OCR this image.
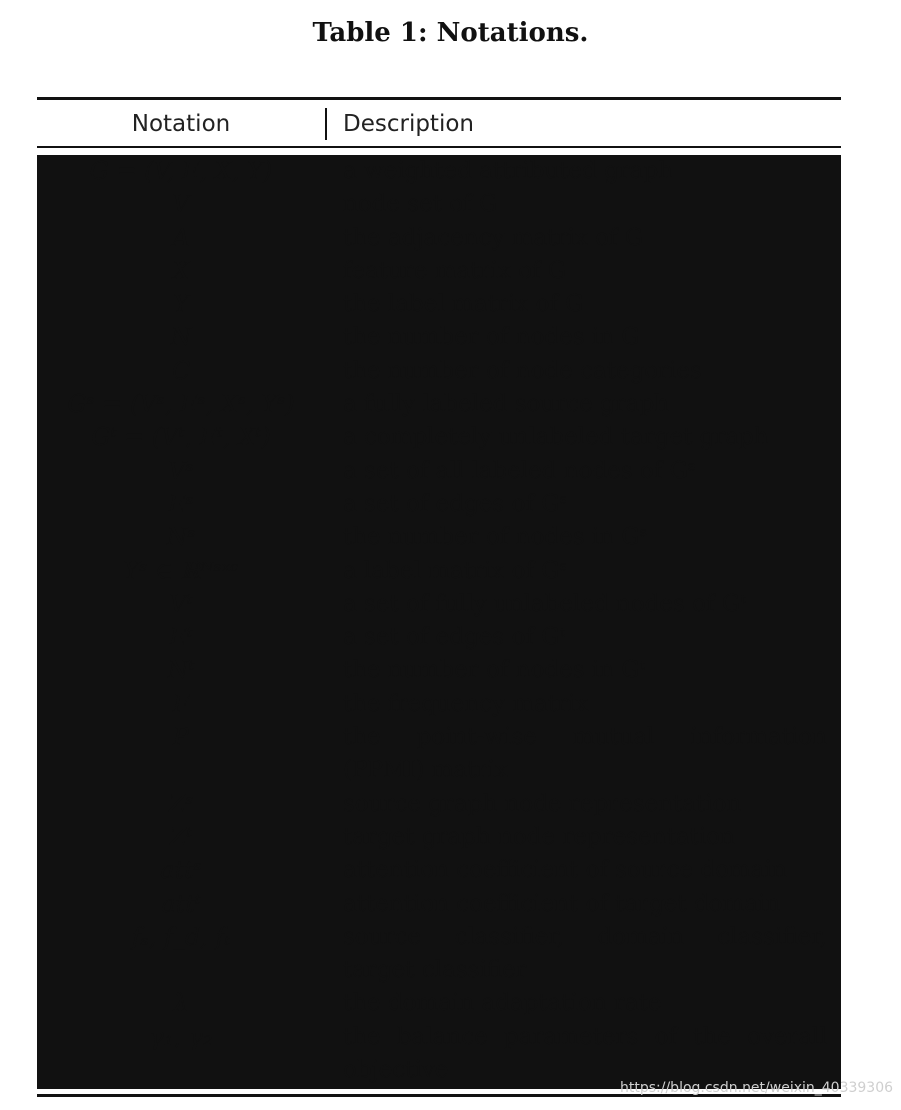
Table 1: Notations.
Notation	Description
G = (V, E, X, Y)	a weighted attributed graph
V	node set of G
A	the adjacency matrix of G
X	feature matrix of G
Y	the label matrix of G
N	the number of nodes in G
C	the number of node categories
Gˢ = (Vˢ, Eˢ, Xˢ, Yˢ)	a fully labeled source graph
Gᵗ = (Vᵗ, Eᵗ, Xᵗ)	a completely unlabeled target graph
Vˢ	a set of all labeled nodes of Gˢ
Eˢ	a set of edges of Gˢ
Nˢ	the number of nodes in Gˢ
Yˢ ∈ ℝᴺˢˣᶜ	a label matrix of Gˢ
Vᵗ	a set of fully unlabeled nodes of Gᵗ
Eᵗ	a set of edges of Gᵗ
Nᵗ	the number of nodes in Gᵗ
F	the frequency matrix
P	the point-wise mutual information (PPMI) matrix
Zˢ	source graph node representation
Zᵗ	target graph node representation
attˢ	attention coefficient of source domain
attᵗ	attention coefficient of target domain
fₛ, f_d, fₜ	source classifier, domain classifier, target classifier
λ	the domain adaptation rate
γ₁, γ₂	the balance parameters of the overall objective
https://blog.csdn.net/weixin_40339306
